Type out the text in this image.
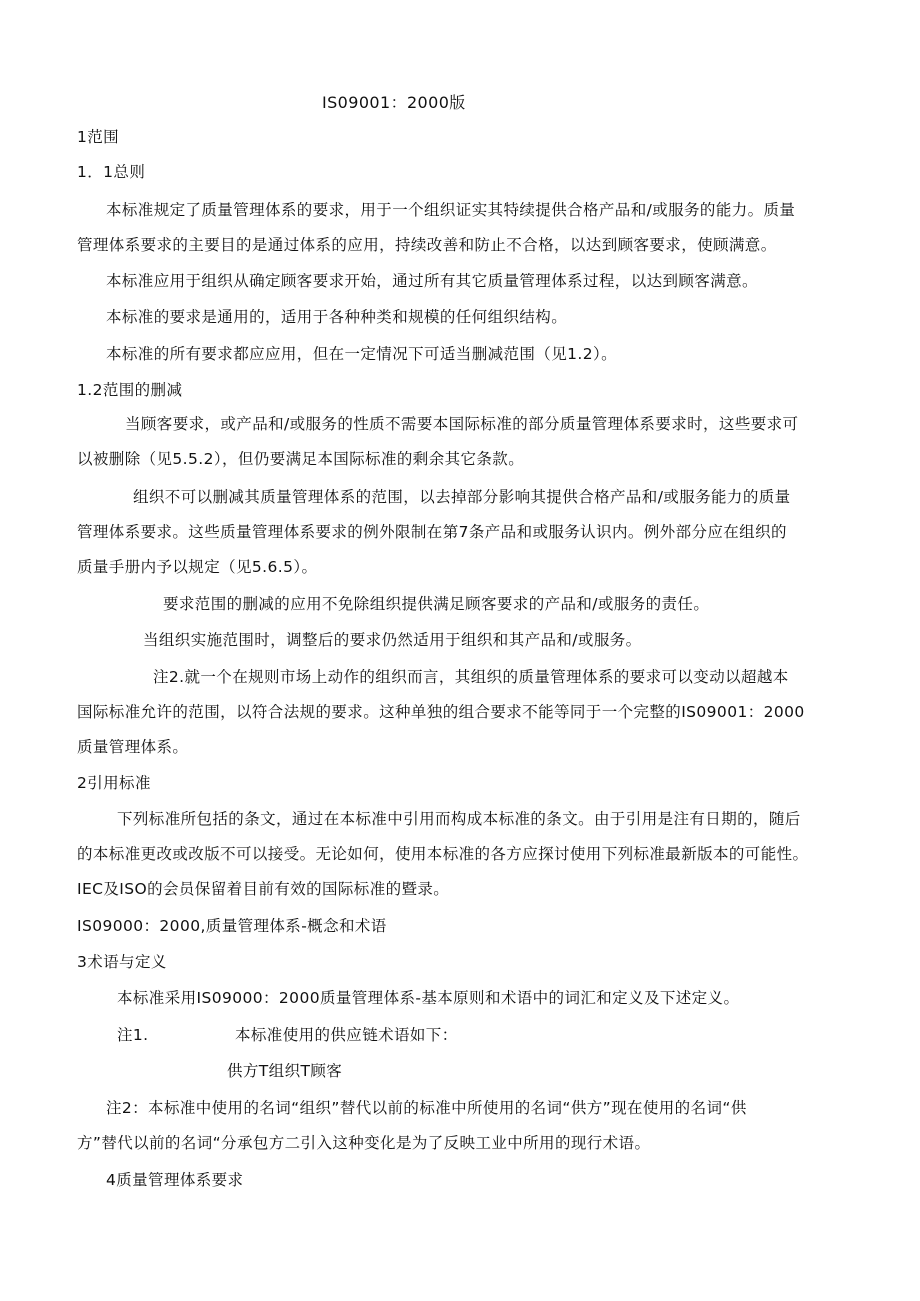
IS09001：2000版
1范围
1．1总则
本标准规定了质量管理体系的要求，用于一个组织证实其特续提供合格产品和/或服务的能力。质量
管理体系要求的主要目的是通过体系的应用，持续改善和防止不合格，以达到顾客要求，使顾满意。
本标准应用于组织从确定顾客要求开始，通过所有其它质量管理体系过程，以达到顾客满意。
本标准的要求是通用的，适用于各种种类和规模的任何组织结构。
本标准的所有要求都应应用，但在一定情况下可适当删减范围（见1.2）。
1.2范围的删减
当顾客要求，或产品和/或服务的性质不需要本国际标准的部分质量管理体系要求时，这些要求可
以被删除（见5.5.2），但仍要满足本国际标准的剩余其它条款。
组织不可以删减其质量管理体系的范围，以去掉部分影响其提供合格产品和/或服务能力的质量
管理体系要求。这些质量管理体系要求的例外限制在第7条产品和或服务认识内。例外部分应在组织的
质量手册内予以规定（见5.6.5）。
要求范围的删减的应用不免除组织提供满足顾客要求的产品和/或服务的责任。
当组织实施范围时，调整后的要求仍然适用于组织和其产品和/或服务。
注2.就一个在规则市场上动作的组织而言，其组织的质量管理体系的要求可以变动以超越本
国际标准允许的范围，以符合法规的要求。这种单独的组合要求不能等同于一个完整的IS09001：2000
质量管理体系。
2引用标准
下列标准所包括的条文，通过在本标准中引用而构成本标准的条文。由于引用是注有日期的，随后
的本标准更改或改版不可以接受。无论如何，使用本标准的各方应探讨使用下列标准最新版本的可能性。
IEC及ISO的会员保留着目前有效的国际标准的暨录。
IS09000：2000,质量管理体系-概念和术语
3术语与定义
本标准采用IS09000：2000质量管理体系-基本原则和术语中的词汇和定义及下述定义。
注1.	本标准使用的供应链术语如下：
供方T组织T顾客
注2：本标准中使用的名词“组织”替代以前的标准中所使用的名词“供方”现在使用的名词“供
方”替代以前的名词“分承包方二引入这种变化是为了反映工业中所用的现行术语。
4质量管理体系要求
